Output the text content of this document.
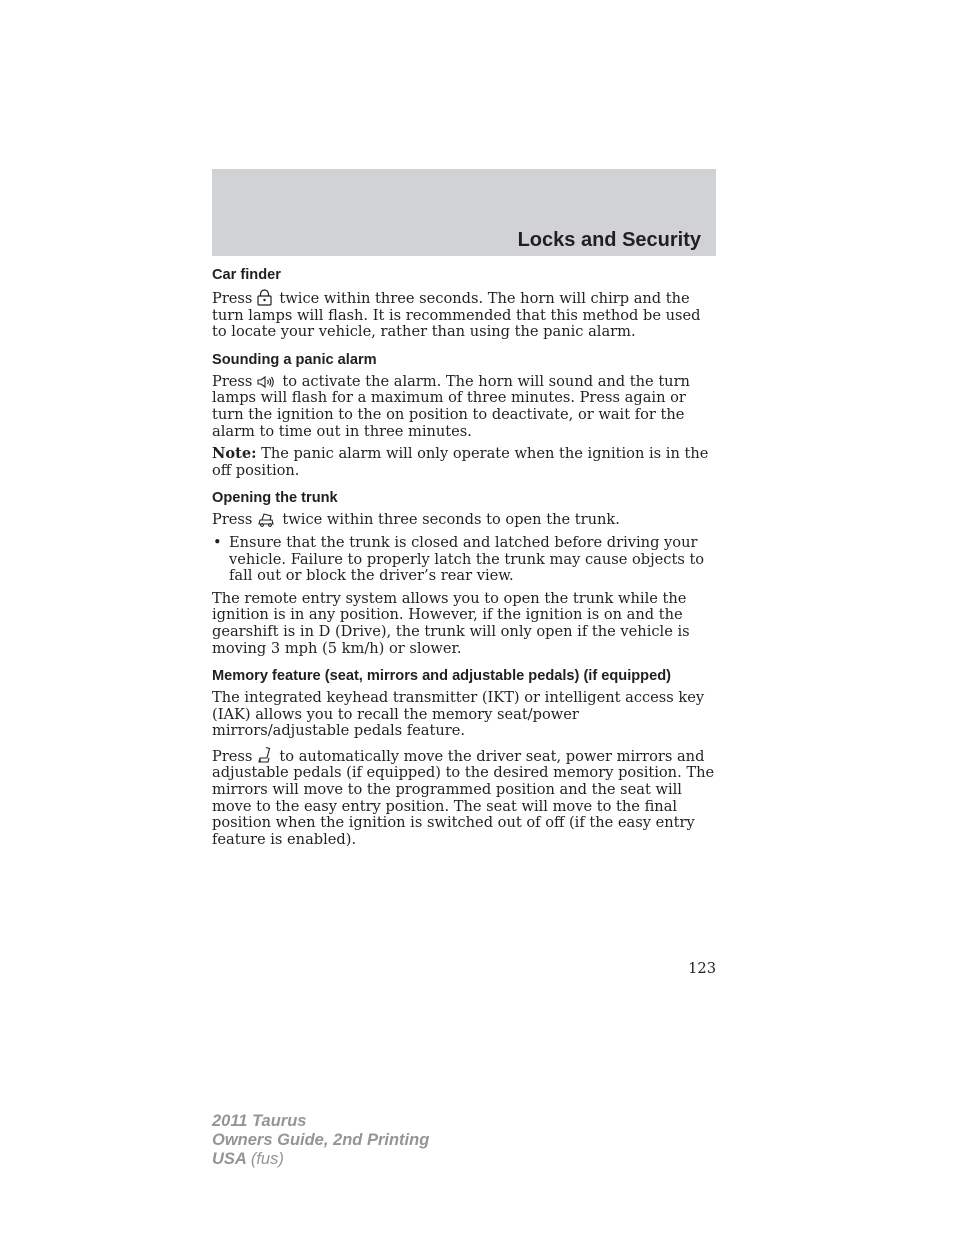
Locks and Security
Car finder

Press twice within three seconds. The horn will chirp and the turn lamps will flash. It is recommended that this method be used to locate your vehicle, rather than using the panic alarm.

Sounding a panic alarm

Press to activate the alarm. The horn will sound and the turn lamps will flash for a maximum of three minutes. Press again or turn the ignition to the on position to deactivate, or wait for the alarm to time out in three minutes.

Note: The panic alarm will only operate when the ignition is in the off position.

Opening the trunk

Press twice within three seconds to open the trunk.

• Ensure that the trunk is closed and latched before driving your vehicle. Failure to properly latch the trunk may cause objects to fall out or block the driver’s rear view.

The remote entry system allows you to open the trunk while the ignition is in any position. However, if the ignition is on and the gearshift is in D (Drive), the trunk will only open if the vehicle is moving 3 mph (5 km/h) or slower.

Memory feature (seat, mirrors and adjustable pedals) (if equipped)

The integrated keyhead transmitter (IKT) or intelligent access key (IAK) allows you to recall the memory seat/power mirrors/adjustable pedals feature.

Press to automatically move the driver seat, power mirrors and adjustable pedals (if equipped) to the desired memory position. The mirrors will move to the programmed position and the seat will move to the easy entry position. The seat will move to the final position when the ignition is switched out of off (if the easy entry feature is enabled).

123
2011 Taurus
Owners Guide, 2nd Printing
USA (fus)
